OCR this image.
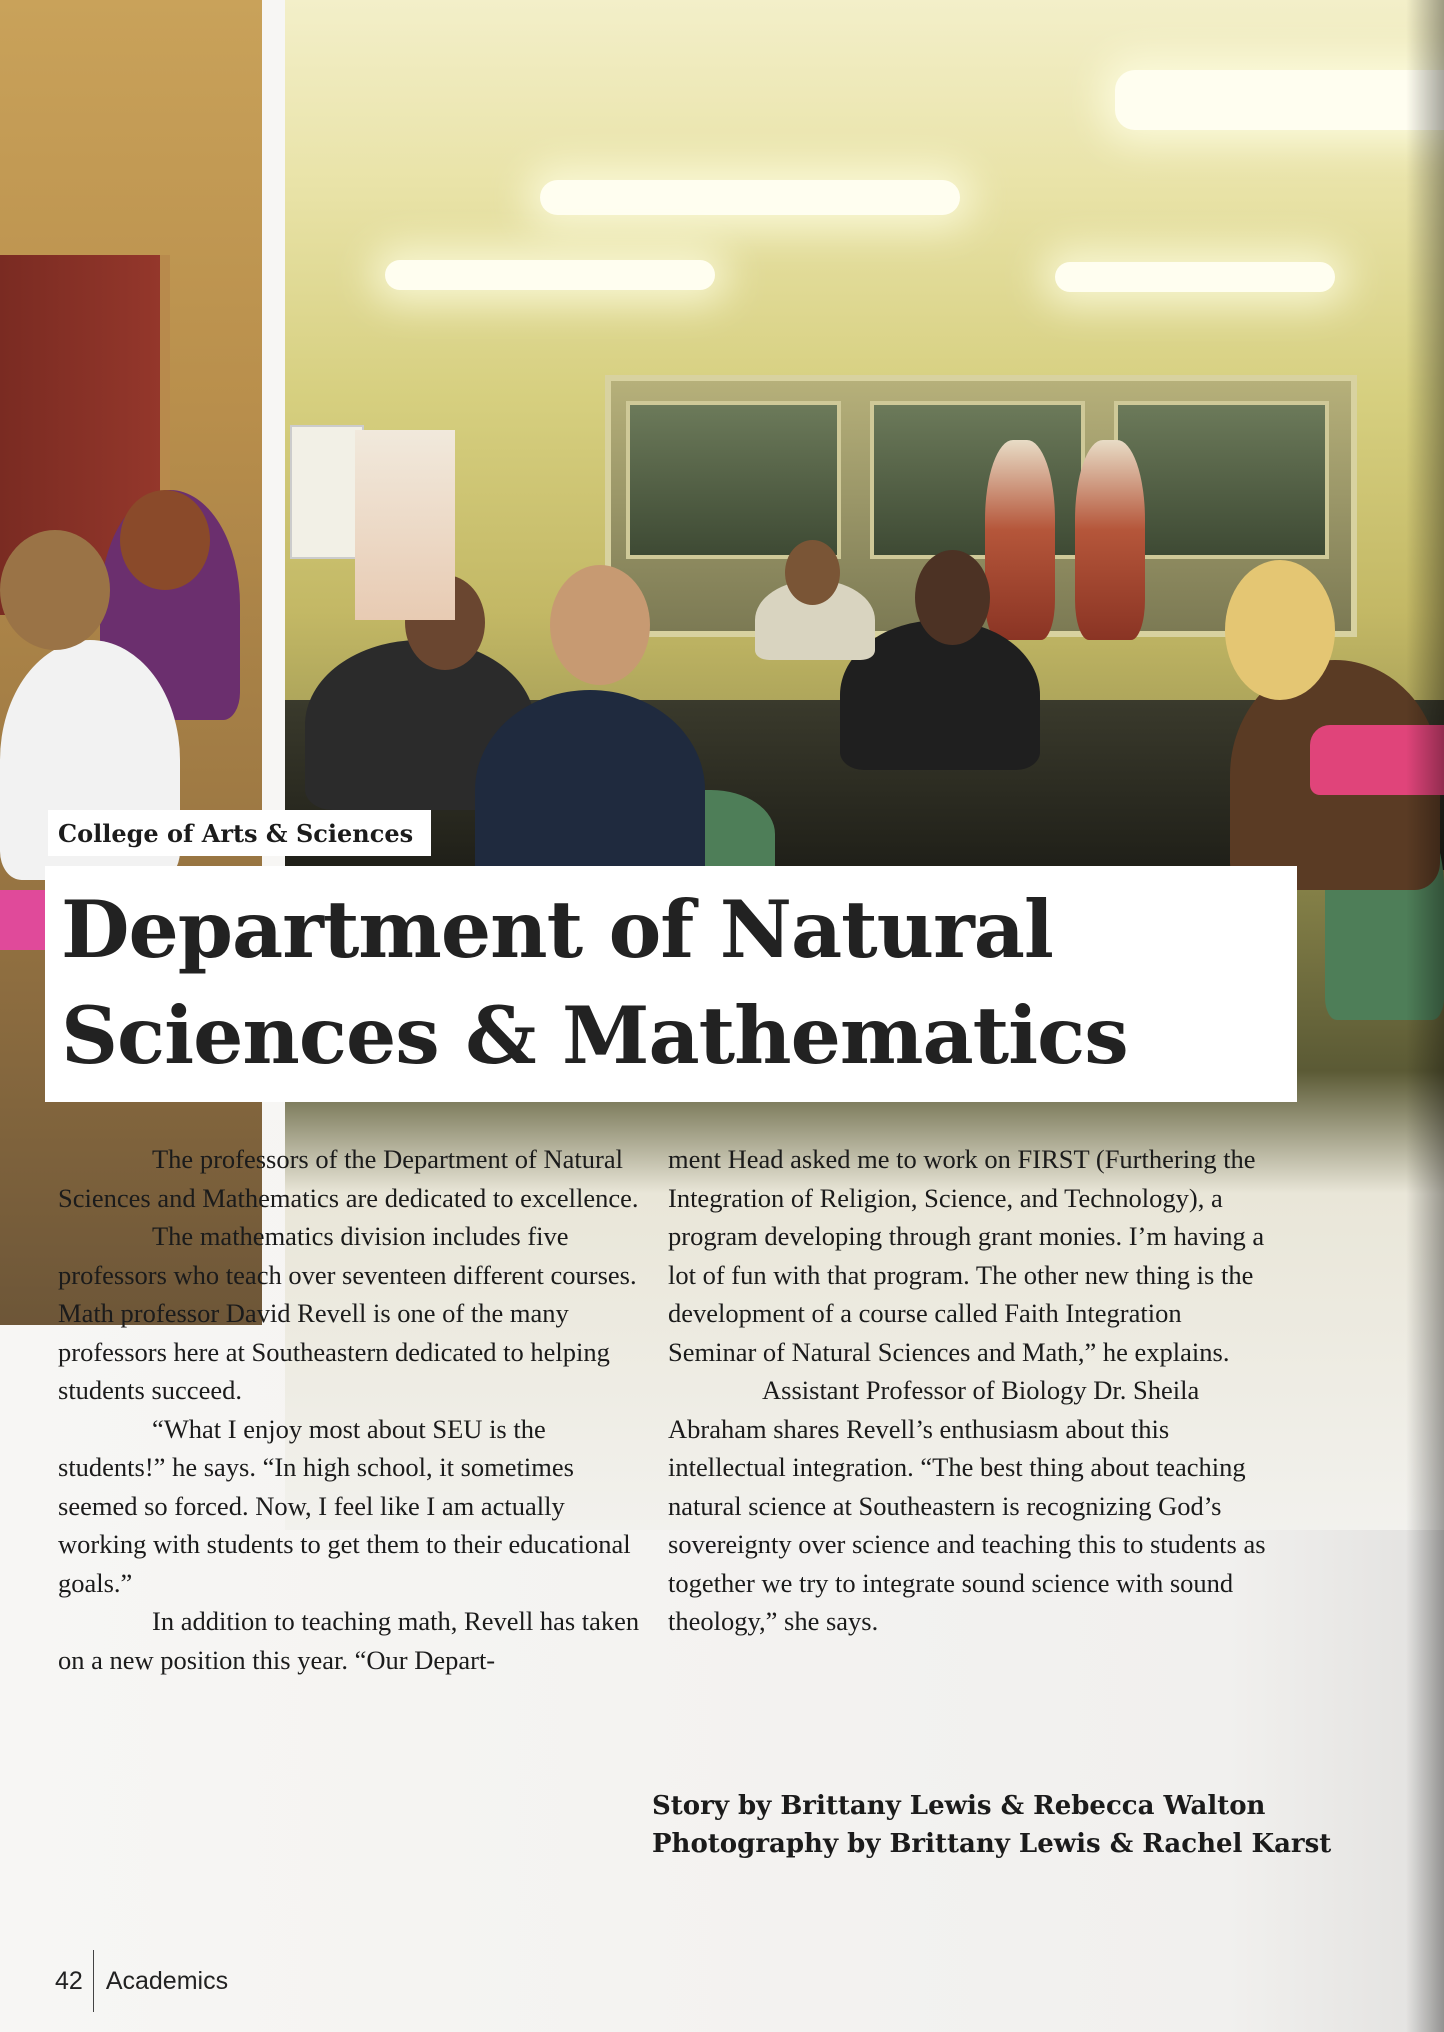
College of Arts & Sciences
Department of Natural
Sciences & Mathematics

The professors of the Department of Natural Sciences and Mathematics are dedicated to excellence.

The mathematics division includes five professors who teach over seventeen different courses. Math professor David Revell is one of the many professors here at Southeastern dedicated to helping students succeed.

“What I enjoy most about SEU is the students!” he says. “In high school, it sometimes seemed so forced. Now, I feel like I am actually working with students to get them to their educational goals.”

In addition to teaching math, Revell has taken on a new position this year. “Our Depart-

ment Head asked me to work on FIRST (Furthering the Integration of Religion, Science, and Technology), a program developing through grant monies. I’m having a lot of fun with that program. The other new thing is the development of a course called Faith Integration Seminar of Natural Sciences and Math,” he explains.

Assistant Professor of Biology Dr. Sheila Abraham shares Revell’s enthusiasm about this intellectual integration. “The best thing about teaching natural science at Southeastern is recognizing God’s sovereignty over science and teaching this to students as together we try to integrate sound science with sound theology,” she says.

Story by Brittany Lewis & Rebecca Walton
Photography by Brittany Lewis & Rachel Karst
42 Academics
